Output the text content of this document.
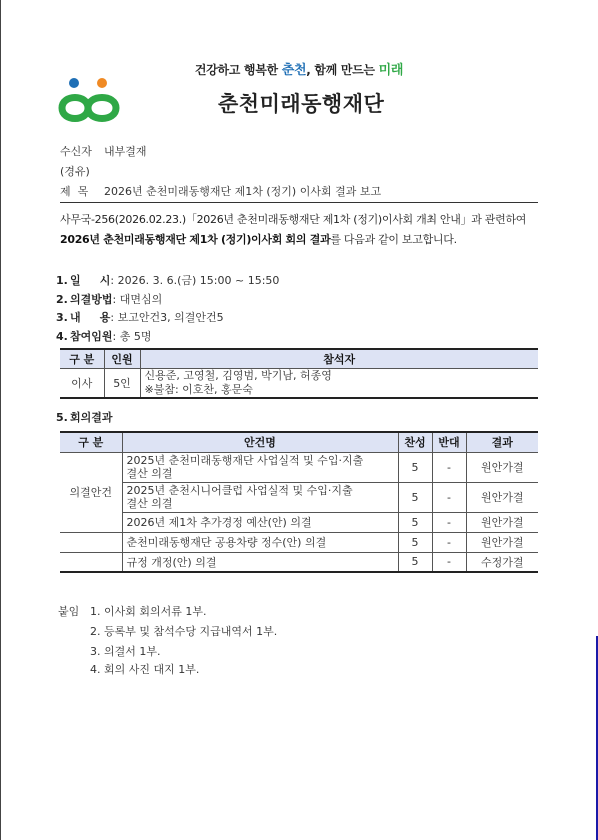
건강하고 행복한 춘천, 함께 만드는 미래
춘천미래동행재단
수신자 내부결재
(경유)
제  목 2026년 춘천미래동행재단 제1차 (정기) 이사회 결과 보고
사무국-256(2026.02.23.)「2026년 춘천미래동행재단 제1차 (정기)이사회 개최 안내」과 관련하여 2026년 춘천미래동행재단 제1차 (정기)이사회 회의 결과를 다음과 같이 보고합니다.
1. 일     시: 2026. 3. 6.(금) 15:00 ~ 15:50
2. 의결방법: 대면심의
3. 내     용: 보고안건3, 의결안건5
4. 참여임원: 총 5명
구 분	인원	참석자
이사	5인	신용준, 고영철, 김영범, 박기남, 허종영
※불참: 이호찬, 홍문숙
5. 회의결과
구 분	안건명	찬성	반대	결과
의결안건	2025년 춘천미래동행재단 사업실적 및 수입·지출
결산 의결	5	-	원안가결

	2025년 춘천시니어클럽 사업실적 및 수입·지출
결산 의결	5	-	원안가결
	2026년 제1차 추가경정 예산(안) 의결	5	-	원안가결
	춘천미래동행재단 공용차량 정수(안) 의결	5	-	원안가결
	규정 개정(안) 의결	5	-	수정가결
붙임 1. 이사회 회의서류 1부.
2. 등록부 및 참석수당 지급내역서 1부.
3. 의결서 1부.
4. 회의 사진 대지 1부.
